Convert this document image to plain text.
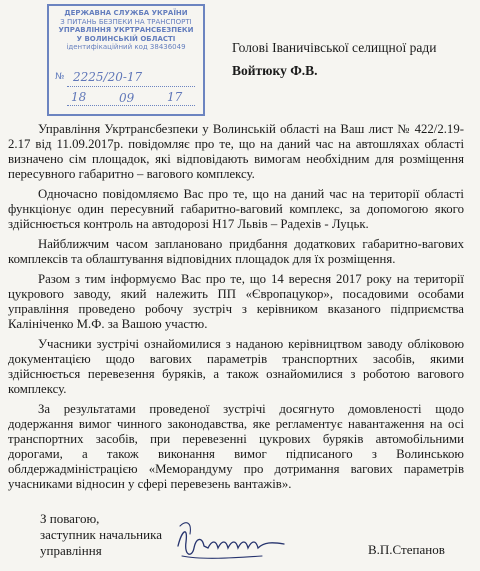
ДЕРЖАВНА СЛУЖБА УКРАЇНИ
З ПИТАНЬ БЕЗПЕКИ НА ТРАНСПОРТІ
УПРАВЛІННЯ УКРТРАНСБЕЗПЕКИ
У ВОЛИНСЬКІЙ ОБЛАСТІ
ідентифікаційний код 38436049
№ 2225/20-17
18	09	17
Голові Іваничівської селищної ради
Войтюку Ф.В.

Управління Укртрансбезпеки у Волинській області на Ваш лист № 422/2.19-2.17 від 11.09.2017р. повідомляє про те, що на даний час на автошляхах області визначено сім площадок, які відповідають вимогам необхідним для розміщення пересувного габаритно – вагового комплексу.

Одночасно повідомляємо Вас про те, що на даний час на території області функціонує один пересувний габаритно-ваговий комплекс, за допомогою якого здійснюється контроль на автодорозі Н17 Львів – Радехів - Луцьк.

Найближчим часом заплановано придбання додаткових габаритно-вагових комплексів та облаштування відповідних площадок для їх розміщення.

Разом з тим інформуємо Вас про те, що 14 вересня 2017 року на території цукрового заводу, який належить ПП «Європацукор», посадовими особами управління проведено робочу зустріч з керівником вказаного підприємства Калініченко М.Ф. за Вашою участю.

Учасники зустрічі ознайомилися з наданою керівництвом заводу обліковою документацією щодо вагових параметрів транспортних засобів, якими здійснюється перевезення буряків, а також ознайомилися з роботою вагового комплексу.

За результатами проведеної зустрічі досягнуто домовленості щодо додержання вимог чинного законодавства, яке регламентує навантаження на осі транспортних засобів, при перевезенні цукрових буряків автомобільними дорогами, а також виконання вимог підписаного з Волинською облдержадміністрацією «Меморандуму про дотримання вагових параметрів учасниками відносин у сфері перевезень вантажів».

З повагою,
заступник начальника
управління	В.П.Степанов
